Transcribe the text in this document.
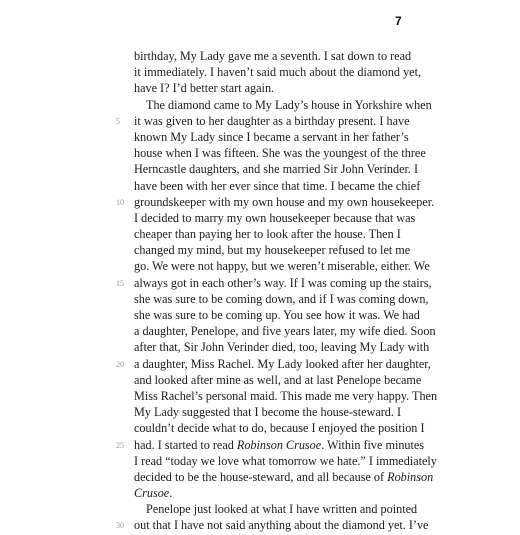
7
birthday, My Lady gave me a seventh. I sat down to read
it immediately. I haven’t said much about the diamond yet,
have I? I’d better start again.
The diamond came to My Lady’s house in Yorkshire when
5 it was given to her daughter as a birthday present. I have
known My Lady since I became a servant in her father’s
house when I was fifteen. She was the youngest of the three
Herncastle daughters, and she married Sir John Verinder. I
have been with her ever since that time. I became the chief
10 groundskeeper with my own house and my own housekeeper.
I decided to marry my own housekeeper because that was
cheaper than paying her to look after the house. Then I
changed my mind, but my housekeeper refused to let me
go. We were not happy, but we weren’t miserable, either. We
15 always got in each other’s way. If I was coming up the stairs,
she was sure to be coming down, and if I was coming down,
she was sure to be coming up. You see how it was. We had
a daughter, Penelope, and five years later, my wife died. Soon
after that, Sir John Verinder died, too, leaving My Lady with
20 a daughter, Miss Rachel. My Lady looked after her daughter,
and looked after mine as well, and at last Penelope became
Miss Rachel’s personal maid. This made me very happy. Then
My Lady suggested that I become the house-steward. I
couldn’t decide what to do, because I enjoyed the position I
25 had. I started to read Robinson Crusoe. Within five minutes
I read “today we love what tomorrow we hate.” I immediately
decided to be the house-steward, and all because of Robinson
Crusoe.
Penelope just looked at what I have written and pointed
30 out that I have not said anything about the diamond yet. I’ve
